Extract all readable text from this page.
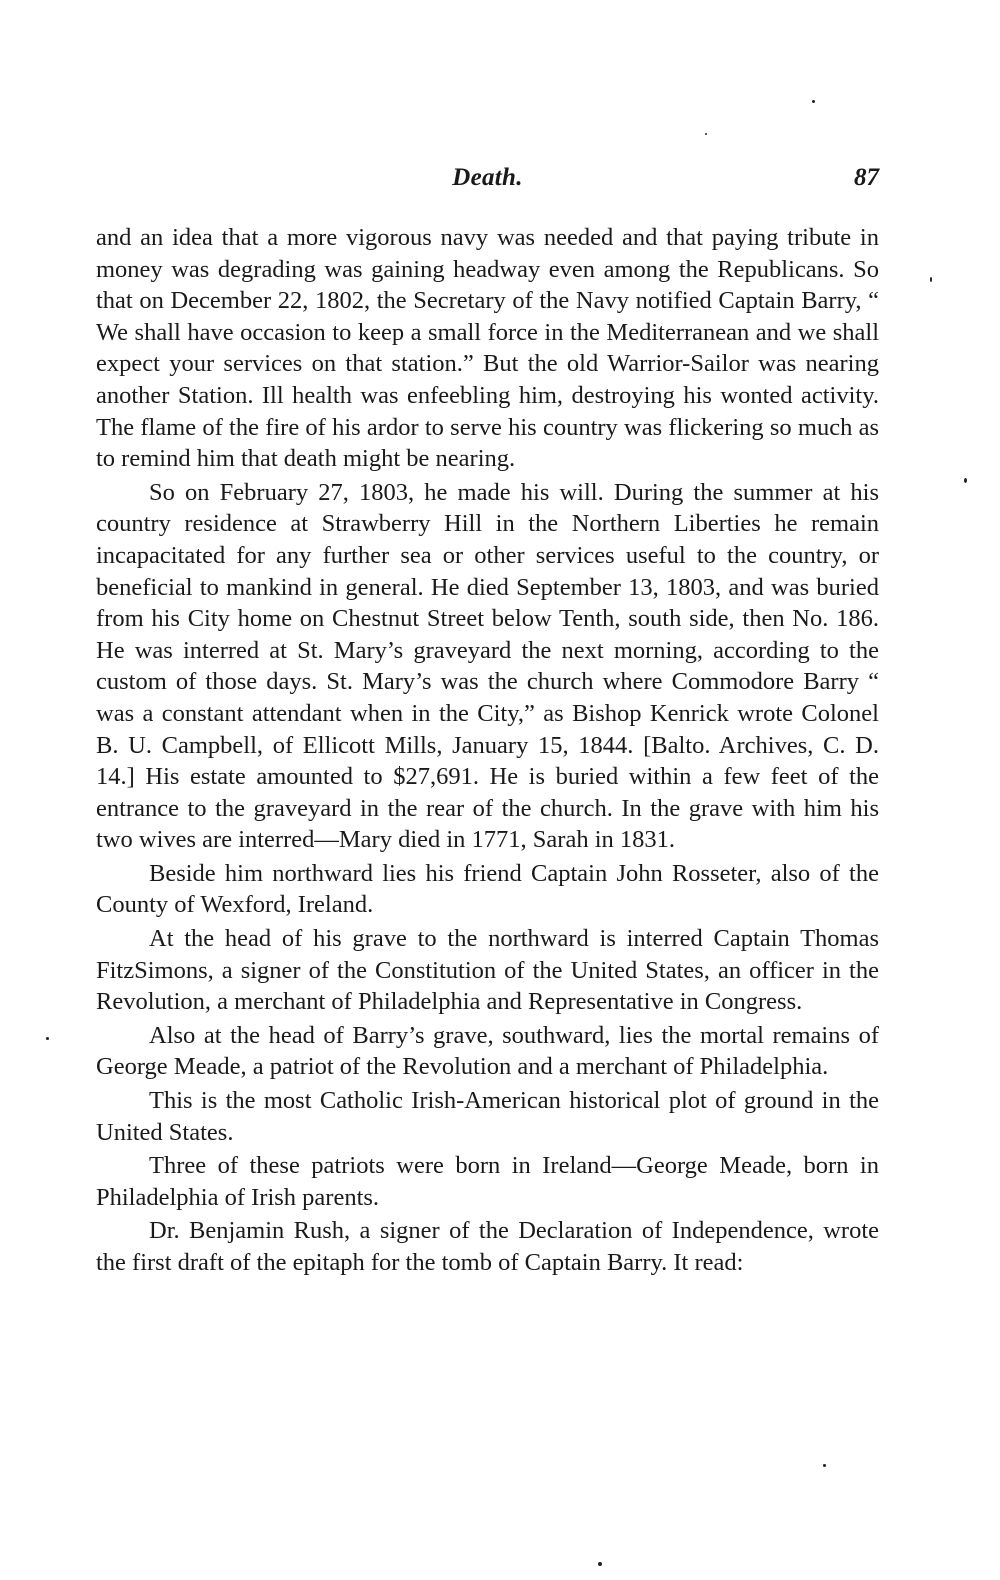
Death.	87

and an idea that a more vigorous navy was needed and that paying tribute in money was degrading was gaining headway even among the Republicans. So that on December 22, 1802, the Secretary of the Navy notified Captain Barry, “ We shall have occasion to keep a small force in the Mediterranean and we shall expect your services on that station.” But the old Warrior-Sailor was nearing another Station. Ill health was enfeebling him, destroying his wonted activity. The flame of the fire of his ardor to serve his country was flickering so much as to remind him that death might be nearing.

So on February 27, 1803, he made his will. During the summer at his country residence at Strawberry Hill in the Northern Liberties he remain incapacitated for any further sea or other services useful to the country, or beneficial to mankind in general. He died September 13, 1803, and was buried from his City home on Chestnut Street below Tenth, south side, then No. 186. He was interred at St. Mary’s graveyard the next morning, according to the custom of those days. St. Mary’s was the church where Commodore Barry “ was a constant attendant when in the City,” as Bishop Kenrick wrote Colonel B. U. Campbell, of Ellicott Mills, January 15, 1844. [Balto. Archives, C. D. 14.] His estate amounted to $27,691. He is buried within a few feet of the entrance to the graveyard in the rear of the church. In the grave with him his two wives are interred—Mary died in 1771, Sarah in 1831.

Beside him northward lies his friend Captain John Rosseter, also of the County of Wexford, Ireland.

At the head of his grave to the northward is interred Captain Thomas FitzSimons, a signer of the Constitution of the United States, an officer in the Revolution, a merchant of Philadelphia and Representative in Congress.

Also at the head of Barry’s grave, southward, lies the mortal remains of George Meade, a patriot of the Revolution and a merchant of Philadelphia.

This is the most Catholic Irish-American historical plot of ground in the United States.

Three of these patriots were born in Ireland—George Meade, born in Philadelphia of Irish parents.

Dr. Benjamin Rush, a signer of the Declaration of Independence, wrote the first draft of the epitaph for the tomb of Captain Barry. It read:
